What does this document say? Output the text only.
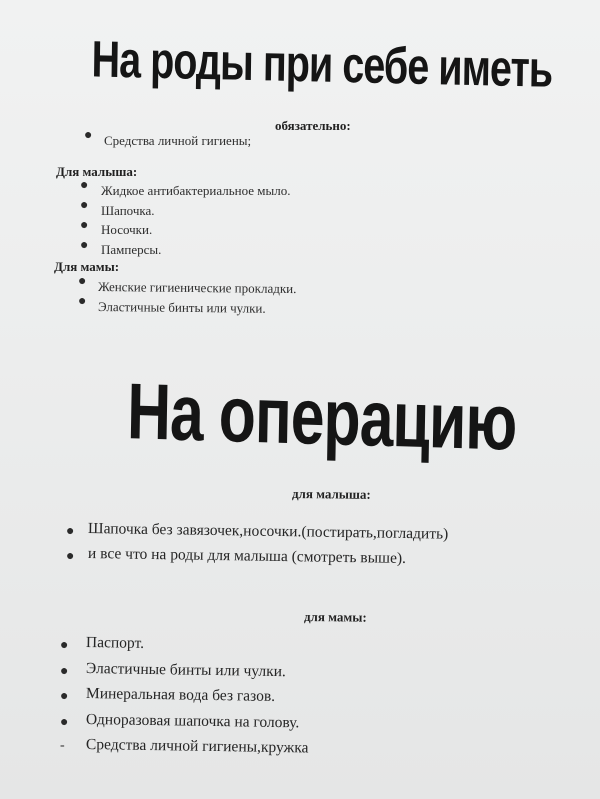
На роды при себе иметь
обязательно:
● Средства личной гигиены;
Для малыша:
● Жидкое антибактериальное мыло.
● Шапочка.
● Носочки.
● Памперсы.
Для мамы:
● Женские гигиенические прокладки.
● Эластичные бинты или чулки.
На операцию
для малыша:
● Шапочка без завязочек,носочки.(постирать,погладить)
● и все что на роды для малыша (смотреть выше).
для мамы:
● Паспорт.
● Эластичные бинты или чулки.
● Минеральная вода без газов.
● Одноразовая шапочка на голову.
- Средства личной гигиены,кружка
